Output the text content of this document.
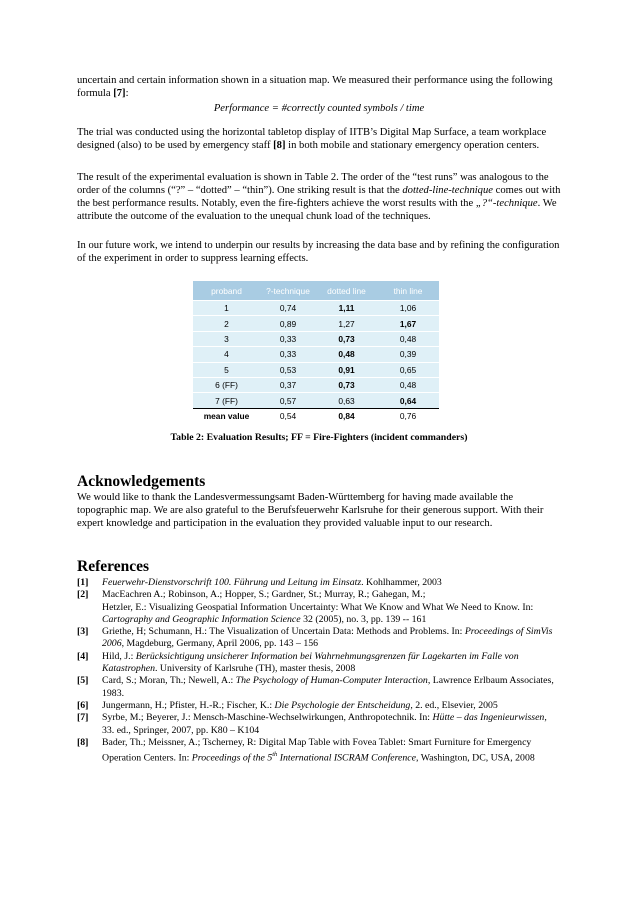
uncertain and certain information shown in a situation map. We measured their performance using the following formula [7]:
Performance = #correctly counted symbols / time
The trial was conducted using the horizontal tabletop display of IITB’s Digital Map Surface, a team workplace designed (also) to be used by emergency staff [8] in both mobile and stationary emergency operation centers.
The result of the experimental evaluation is shown in Table 2. The order of the “test runs” was analogous to the order of the columns (“?” – “dotted” – “thin”). One striking result is that the dotted-line-technique comes out with the best performance results. Notably, even the fire-fighters achieve the worst results with the „?“-technique. We attribute the outcome of the evaluation to the unequal chunk load of the techniques.
In our future work, we intend to underpin our results by increasing the data base and by refining the configuration of the experiment in order to suppress learning effects.
proband	?-technique	dotted line	thin line
1	0,74	1,11	1,06
2	0,89	1,27	1,67
3	0,33	0,73	0,48
4	0,33	0,48	0,39
5	0,53	0,91	0,65
6 (FF)	0,37	0,73	0,48
7 (FF)	0,57	0,63	0,64
mean value	0,54	0,84	0,76
Table 2: Evaluation Results; FF = Fire-Fighters (incident commanders)
Acknowledgements
We would like to thank the Landesvermessungsamt Baden-Württemberg for having made available the topographic map. We are also grateful to the Berufsfeuerwehr Karlsruhe for their generous support. With their expert knowledge and participation in the evaluation they provided valuable input to our research.
References
[1]	Feuerwehr-Dienstvorschrift 100. Führung und Leitung im Einsatz. Kohlhammer, 2003
[2]	MacEachren A.; Robinson, A.; Hopper, S.; Gardner, St.; Murray, R.; Gahegan, M.;
Hetzler, E.: Visualizing Geospatial Information Uncertainty: What We Know and What We Need to Know. In: Cartography and Geographic Information Science 32 (2005), no. 3, pp. 139 -- 161
[3]	Griethe, H; Schumann, H.: The Visualization of Uncertain Data: Methods and Problems. In: Proceedings of SimVis 2006, Magdeburg, Germany, April 2006, pp. 143 – 156
[4]	Hild, J.: Berücksichtigung unsicherer Information bei Wahrnehmungsgrenzen für Lagekarten im Falle von Katastrophen. University of Karlsruhe (TH), master thesis, 2008
[5]	Card, S.; Moran, Th.; Newell, A.: The Psychology of Human-Computer Interaction, Lawrence Erlbaum Associates, 1983.
[6]	Jungermann, H.; Pfister, H.-R.; Fischer, K.: Die Psychologie der Entscheidung, 2. ed., Elsevier, 2005
[7]	Syrbe, M.; Beyerer, J.: Mensch-Maschine-Wechselwirkungen, Anthropotechnik. In: Hütte – das Ingenieurwissen, 33. ed., Springer, 2007, pp. K80 – K104
[8]	Bader, Th.; Meissner, A.; Tscherney, R: Digital Map Table with Fovea Tablet: Smart Furniture for Emergency Operation Centers. In: Proceedings of the 5th International ISCRAM Conference, Washington, DC, USA, 2008
